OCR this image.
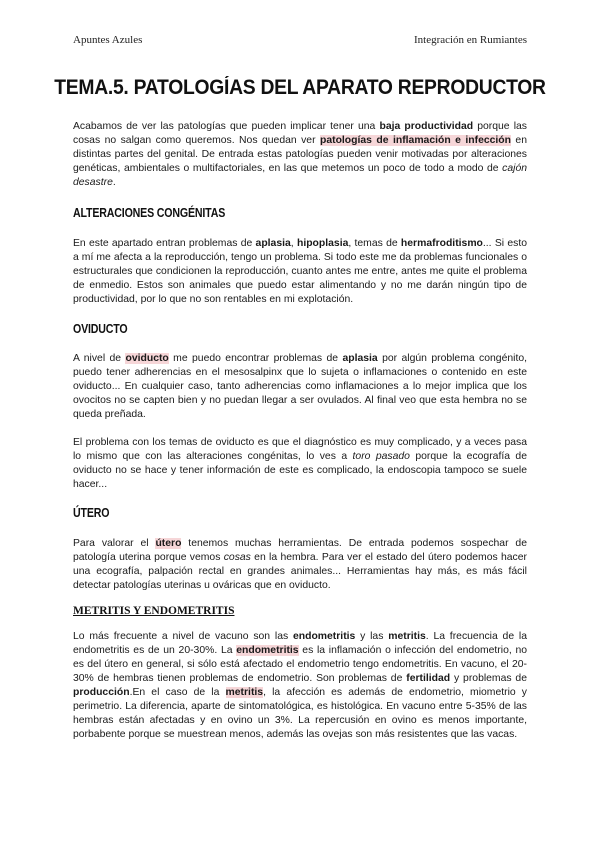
Apuntes Azules	Integración en Rumiantes
TEMA.5. PATOLOGÍAS DEL APARATO REPRODUCTOR

Acabamos de ver las patologías que pueden implicar tener una baja productividad porque las cosas no salgan como queremos. Nos quedan ver patologías de inflamación e infección en distintas partes del genital. De entrada estas patologías pueden venir motivadas por alteraciones genéticas, ambientales o multifactoriales, en las que metemos un poco de todo a modo de cajón desastre.

ALTERACIONES CONGÉNITAS

En este apartado entran problemas de aplasia, hipoplasia, temas de hermafroditismo... Si esto a mí me afecta a la reproducción, tengo un problema. Si todo este me da problemas funcionales o estructurales que condicionen la reproducción, cuanto antes me entre, antes me quite el problema de enmedio. Estos son animales que puedo estar alimentando y no me darán ningún tipo de productividad, por lo que no son rentables en mi explotación.

OVIDUCTO

A nivel de oviducto me puedo encontrar problemas de aplasia por algún problema congénito, puedo tener adherencias en el mesosalpinx que lo sujeta o inflamaciones o contenido en este oviducto... En cualquier caso, tanto adherencias como inflamaciones a lo mejor implica que los ovocitos no se capten bien y no puedan llegar a ser ovulados. Al final veo que esta hembra no se queda preñada.

El problema con los temas de oviducto es que el diagnóstico es muy complicado, y a veces pasa lo mismo que con las alteraciones congénitas, lo ves a toro pasado porque la ecografía de oviducto no se hace y tener información de este es complicado, la endoscopia tampoco se suele hacer...

ÚTERO

Para valorar el útero tenemos muchas herramientas. De entrada podemos sospechar de patología uterina porque vemos cosas en la hembra. Para ver el estado del útero podemos hacer una ecografía, palpación rectal en grandes animales... Herramientas hay más, es más fácil detectar patologías uterinas u ováricas que en oviducto.

METRITIS Y ENDOMETRITIS

Lo más frecuente a nivel de vacuno son las endometritis y las metritis. La frecuencia de la endometritis es de un 20-30%. La endometritis es la inflamación o infección del endometrio, no es del útero en general, si sólo está afectado el endometrio tengo endometritis. En vacuno, el 20-30% de hembras tienen problemas de endometrio. Son problemas de fertilidad y problemas de producción.En el caso de la metritis, la afección es además de endometrio, miometrio y perimetrio. La diferencia, aparte de sintomatológica, es histológica. En vacuno entre 5-35% de las hembras están afectadas y en ovino un 3%. La repercusión en ovino es menos importante, porbabente porque se muestrean menos, además las ovejas son más resistentes que las vacas.
